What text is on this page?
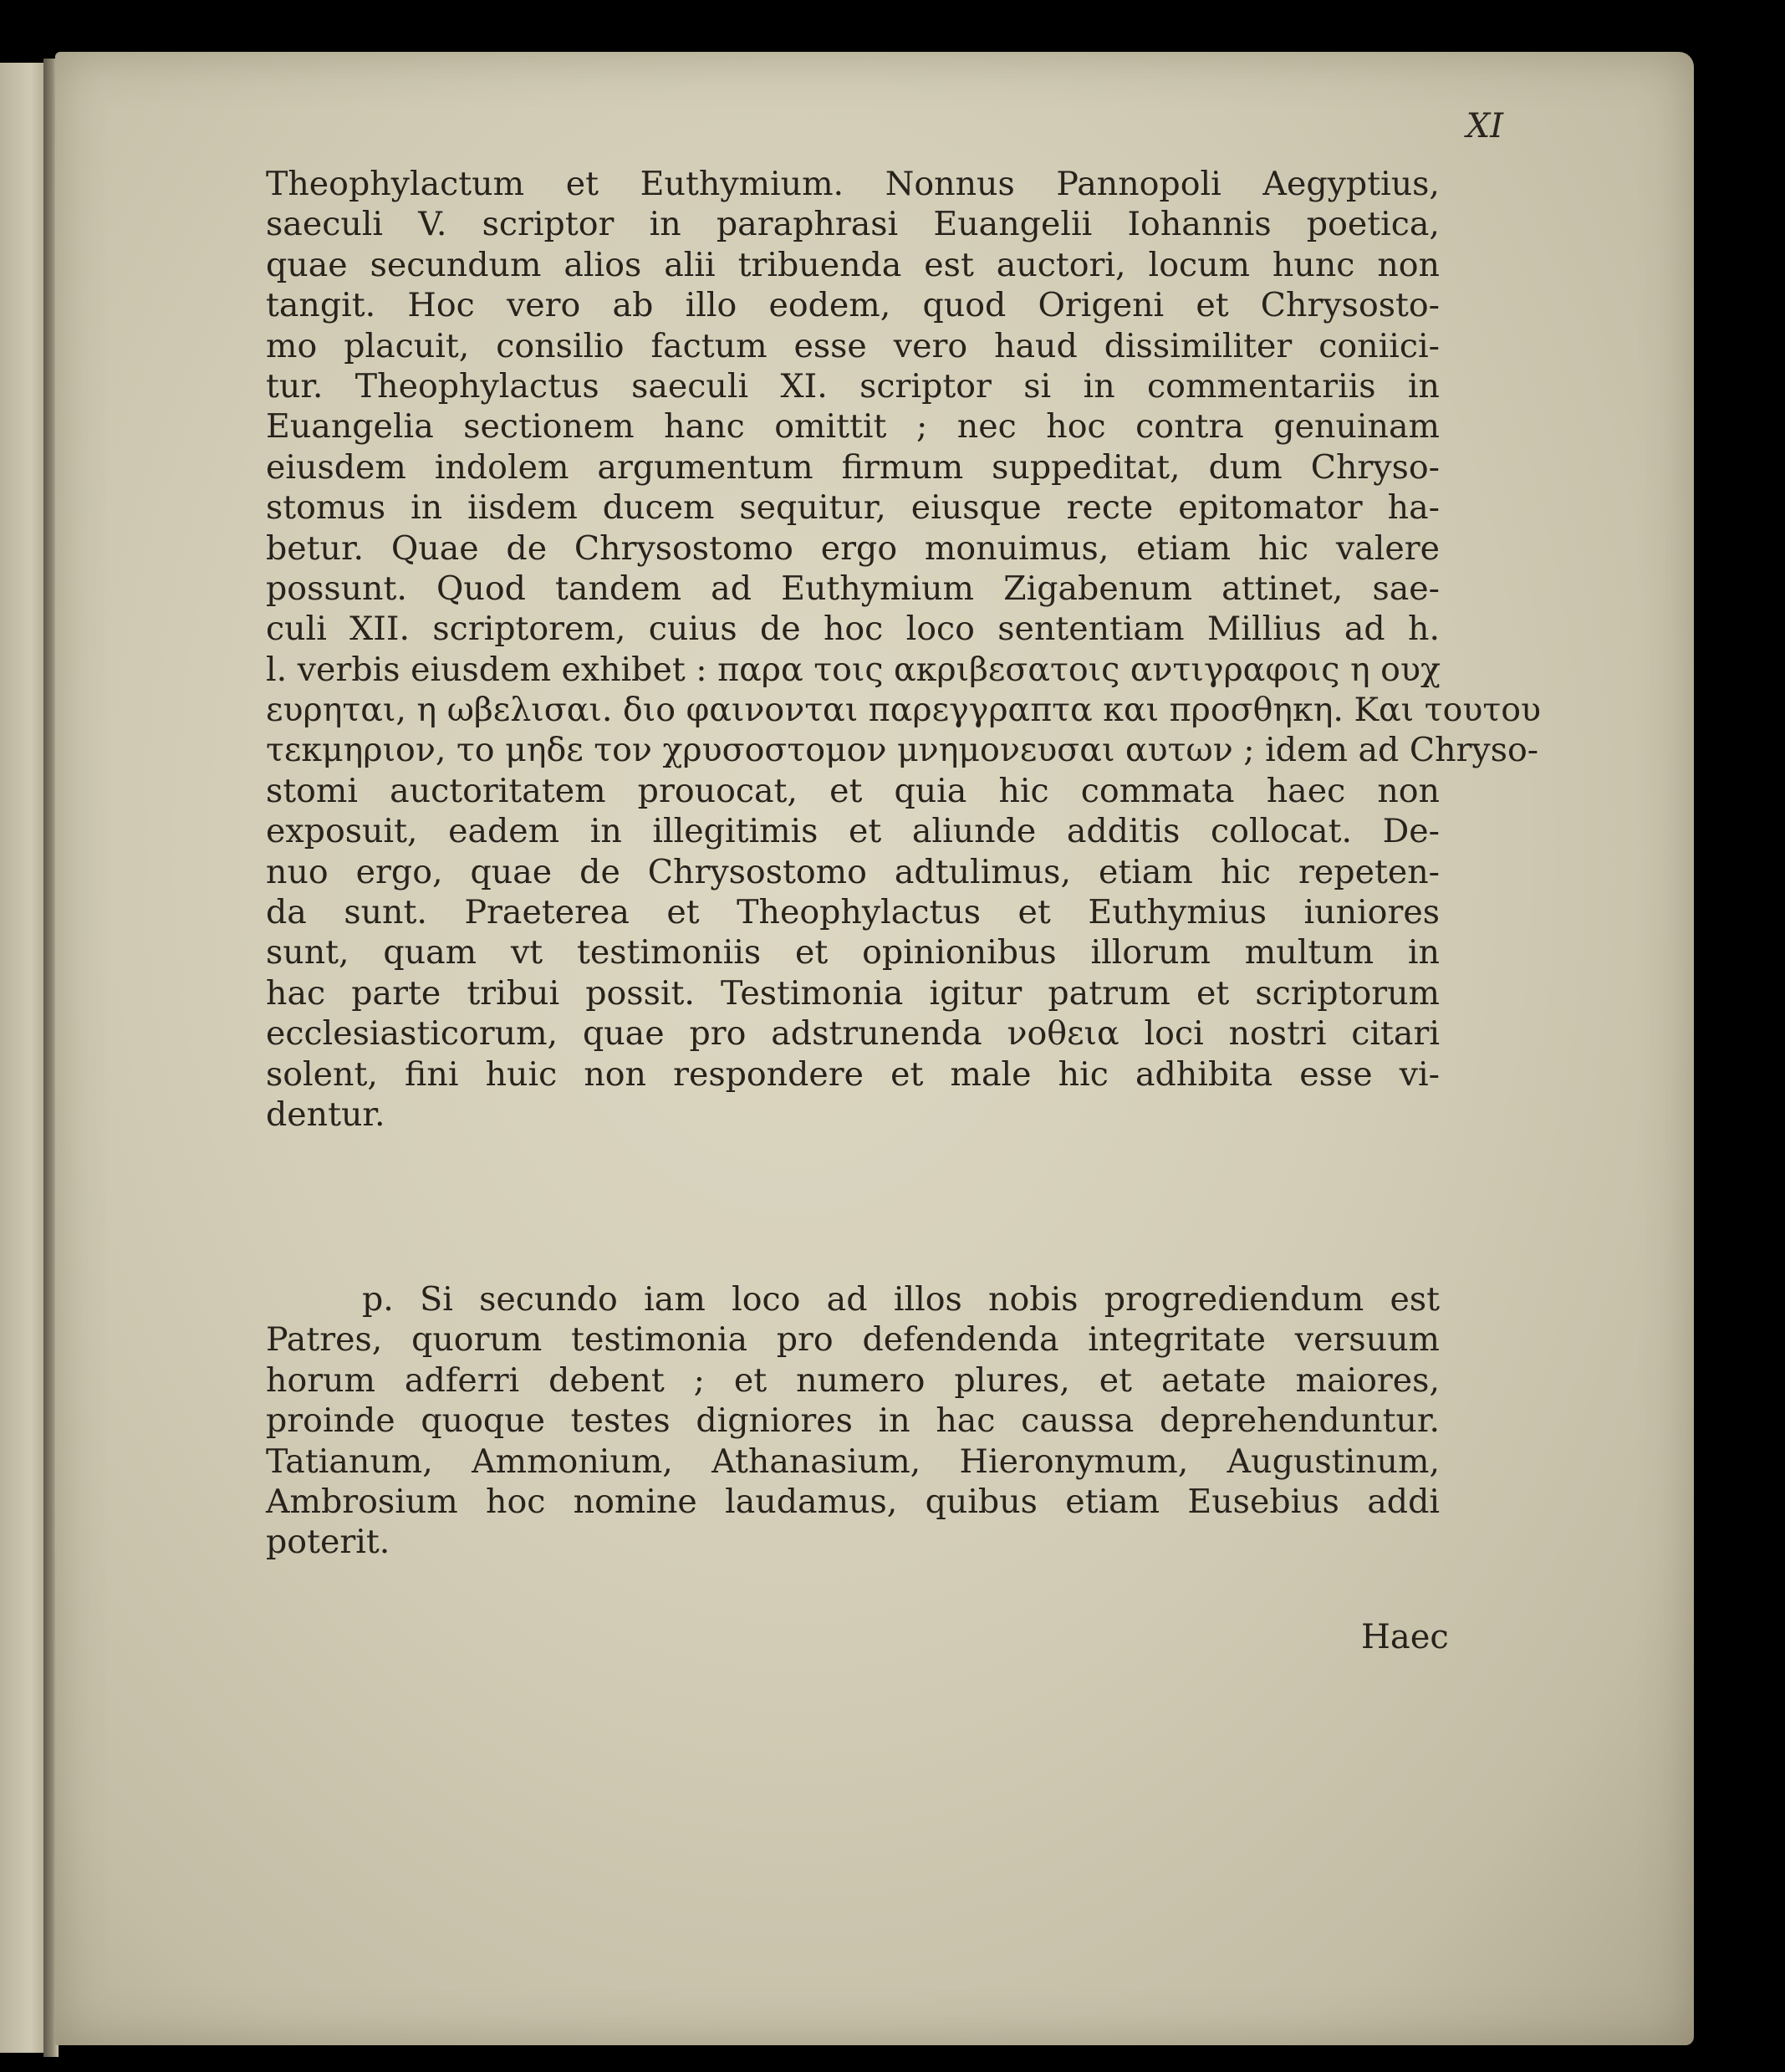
XI
Theophylactum et Euthymium. Nonnus Pannopoli Aegyptius,
saeculi V. scriptor in paraphrasi Euangelii Iohannis poetica,
quae secundum alios alii tribuenda est auctori, locum hunc non
tangit. Hoc vero ab illo eodem, quod Origeni et Chrysosto-
mo placuit, consilio factum esse vero haud dissimiliter coniici-
tur. Theophylactus saeculi XI. scriptor si in commentariis in
Euangelia sectionem hanc omittit ; nec hoc contra genuinam
eiusdem indolem argumentum firmum suppeditat, dum Chryso-
stomus in iisdem ducem sequitur, eiusque recte epitomator ha-
betur. Quae de Chrysostomo ergo monuimus, etiam hic valere
possunt. Quod tandem ad Euthymium Zigabenum attinet, sae-
culi XII. scriptorem, cuius de hoc loco sententiam Millius ad h.
l. verbis eiusdem exhibet : παρα τοις ακριβεσατοις αντιγραφοις η ουχ
ευρηται, η ωβελισαι. διο φαινονται παρεγγραπτα και προσθηκη. Και τουτου
τεκμηριον, το μηδε τον χρυσοστομον μνημονευσαι αυτων ; idem ad Chryso-
stomi auctoritatem prouocat, et quia hic commata haec non
exposuit, eadem in illegitimis et aliunde additis collocat. De-
nuo ergo, quae de Chrysostomo adtulimus, etiam hic repeten-
da sunt. Praeterea et Theophylactus et Euthymius iuniores
sunt, quam vt testimoniis et opinionibus illorum multum in
hac parte tribui possit. Testimonia igitur patrum et scriptorum
ecclesiasticorum, quae pro adstrunenda νοθεια loci nostri citari
solent, fini huic non respondere et male hic adhibita esse vi-
dentur.
p. Si secundo iam loco ad illos nobis progrediendum est
Patres, quorum testimonia pro defendenda integritate versuum
horum adferri debent ; et numero plures, et aetate maiores,
proinde quoque testes digniores in hac caussa deprehenduntur.
Tatianum, Ammonium, Athanasium, Hieronymum, Augustinum,
Ambrosium hoc nomine laudamus, quibus etiam Eusebius addi
poterit.
Haec
